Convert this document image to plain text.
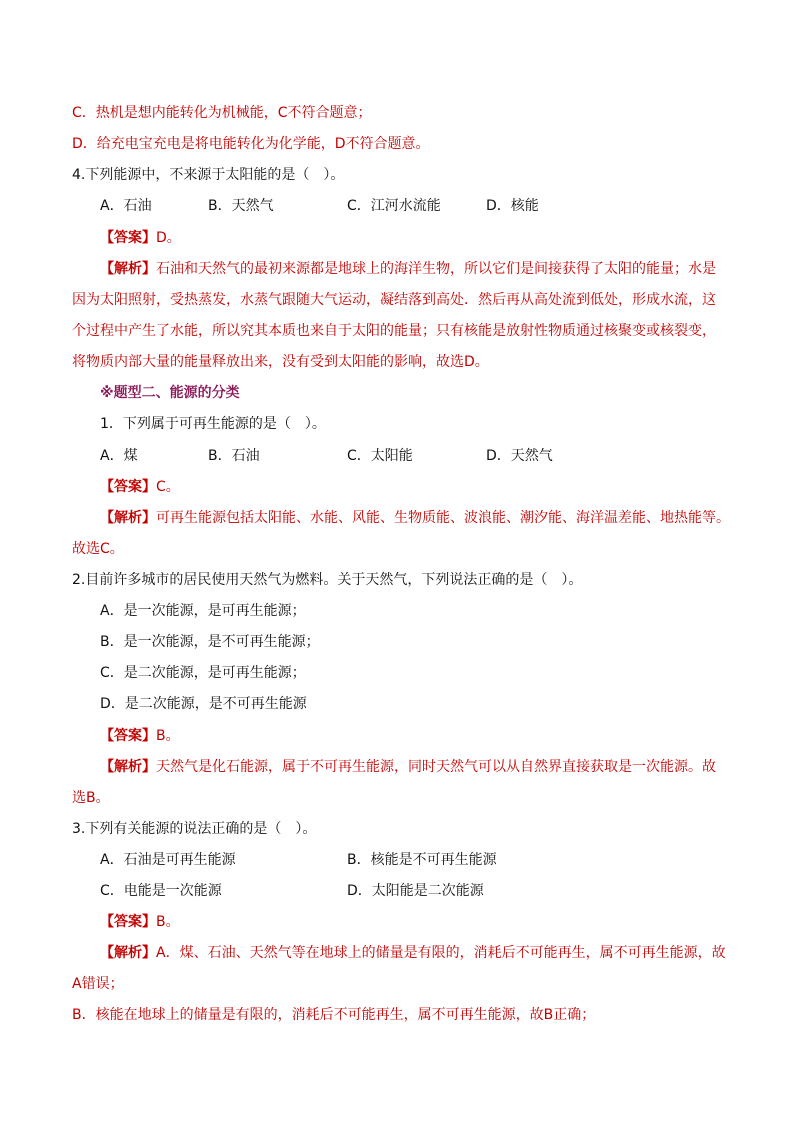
C．热机是想内能转化为机械能，C不符合题意；
D．给充电宝充电是将电能转化为化学能，D不符合题意。
4.下列能源中，不来源于太阳能的是（　）。
A．石油	B．天然气	C．江河水流能	D．核能
【答案】D。
【解析】石油和天然气的最初来源都是地球上的海洋生物，所以它们是间接获得了太阳的能量；水是
因为太阳照射，受热蒸发，水蒸气跟随大气运动，凝结落到高处．然后再从高处流到低处，形成水流，这
个过程中产生了水能，所以究其本质也来自于太阳的能量；只有核能是放射性物质通过核聚变或核裂变，
将物质内部大量的能量释放出来，没有受到太阳能的影响，故选D。
※题型二、能源的分类
1．下列属于可再生能源的是（　）。
A．煤	B．石油	C．太阳能	D．天然气
【答案】C。
【解析】可再生能源包括太阳能、水能、风能、生物质能、波浪能、潮汐能、海洋温差能、地热能等。
故选C。
2.目前许多城市的居民使用天然气为燃料。关于天然气，下列说法正确的是（　）。
A．是一次能源，是可再生能源；
B．是一次能源，是不可再生能源；
C．是二次能源，是可再生能源；
D．是二次能源，是不可再生能源
【答案】B。
【解析】天然气是化石能源，属于不可再生能源，同时天然气可以从自然界直接获取是一次能源。故
选B。
3.下列有关能源的说法正确的是（　）。
A．石油是可再生能源	B．核能是不可再生能源
C．电能是一次能源	D．太阳能是二次能源
【答案】B。
【解析】A．煤、石油、天然气等在地球上的储量是有限的，消耗后不可能再生，属不可再生能源，故
A错误；
B．核能在地球上的储量是有限的，消耗后不可能再生，属不可再生能源，故B正确；
